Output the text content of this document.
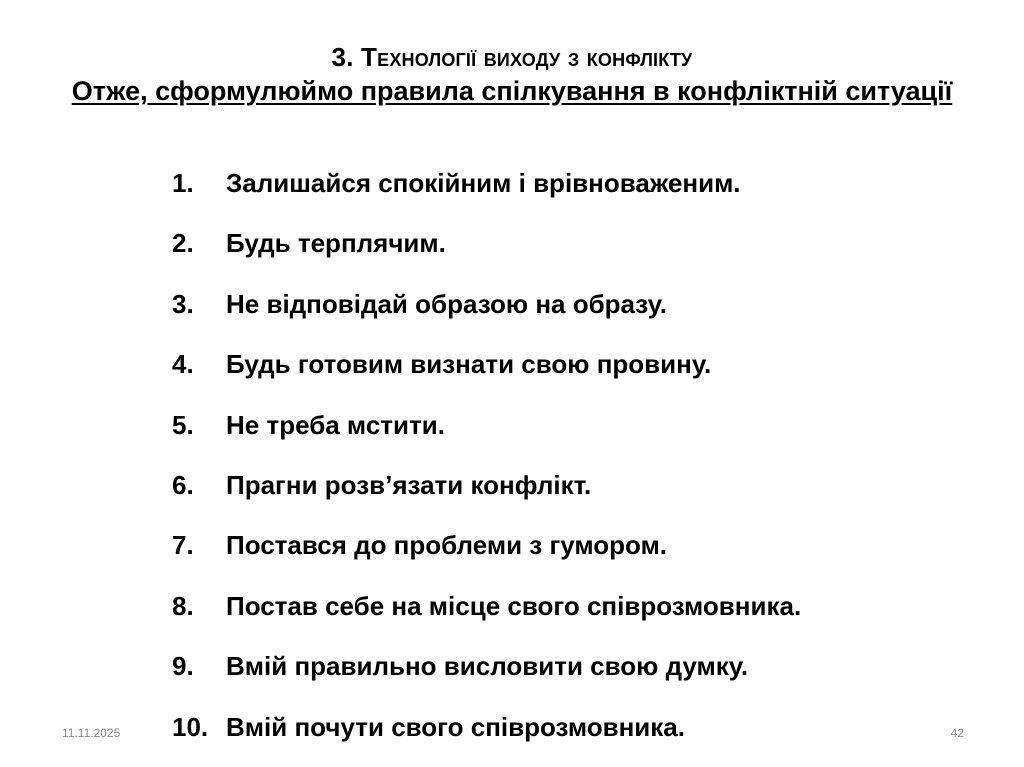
3. Технології виходу з конфлікту
Отже, сформулюймо правила спілкування в конфліктній ситуації
1.	Залишайся спокійним і врівноваженим.
2.	Будь терплячим.
3.	Не відповідай образою на образу.
4.	Будь готовим визнати свою провину.
5.	Не треба мстити.
6.	Прагни розв’язати конфлікт.
7.	Постався до проблеми з гумором.
8.	Постав себе на місце свого співрозмовника.
9.	Вмій правильно висловити свою думку.
10. Вмій почути свого співрозмовника.
11.11.2025	42
